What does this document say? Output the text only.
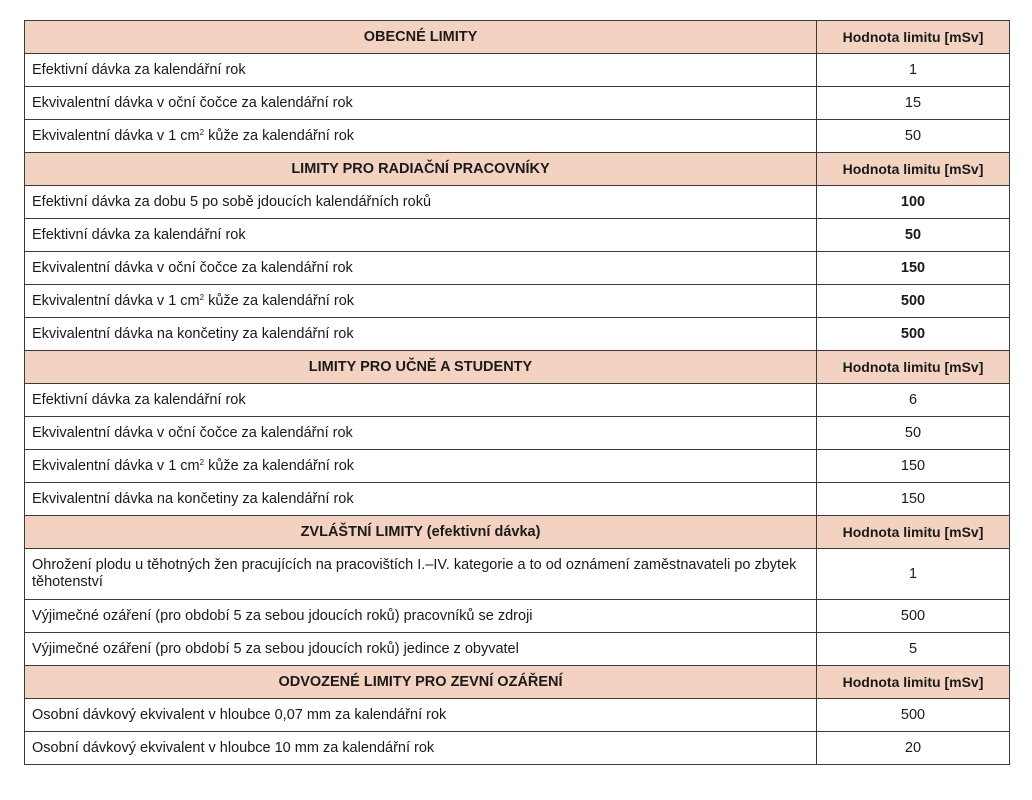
OBECNÉ LIMITY	Hodnota limitu [mSv]
Efektivní dávka za kalendářní rok	1
Ekvivalentní dávka v oční čočce za kalendářní rok	15
Ekvivalentní dávka v 1 $cm^2$ kůže za kalendářní rok	50
LIMITY PRO RADIAČNÍ PRACOVNÍKY	Hodnota limitu [mSv]
Efektivní dávka za dobu 5 po sobě jdoucích kalendářních roků	100
Efektivní dávka za kalendářní rok	50
Ekvivalentní dávka v oční čočce za kalendářní rok	150
Ekvivalentní dávka v 1 $cm^2$ kůže za kalendářní rok	500
Ekvivalentní dávka na končetiny za kalendářní rok	500
LIMITY PRO UČNĚ A STUDENTY	Hodnota limitu [mSv]
Efektivní dávka za kalendářní rok	6
Ekvivalentní dávka v oční čočce za kalendářní rok	50
Ekvivalentní dávka v 1 $cm^2$ kůže za kalendářní rok	150
Ekvivalentní dávka na končetiny za kalendářní rok	150
ZVLÁŠTNÍ LIMITY (efektivní dávka)	Hodnota limitu [mSv]
Ohrožení plodu u těhotných žen pracujících na pracovištích I.–IV. kategorie a to od oznámení zaměstnavateli po zbytek těhotenství	1
Výjimečné ozáření (pro období 5 za sebou jdoucích roků) pracovníků se zdroji	500
Výjimečné ozáření (pro období 5 za sebou jdoucích roků) jedince z obyvatel	5
ODVOZENÉ LIMITY PRO ZEVNÍ OZÁŘENÍ	Hodnota limitu [mSv]
Osobní dávkový ekvivalent v hloubce 0,07 mm za kalendářní rok	500
Osobní dávkový ekvivalent v hloubce 10 mm za kalendářní rok	20
